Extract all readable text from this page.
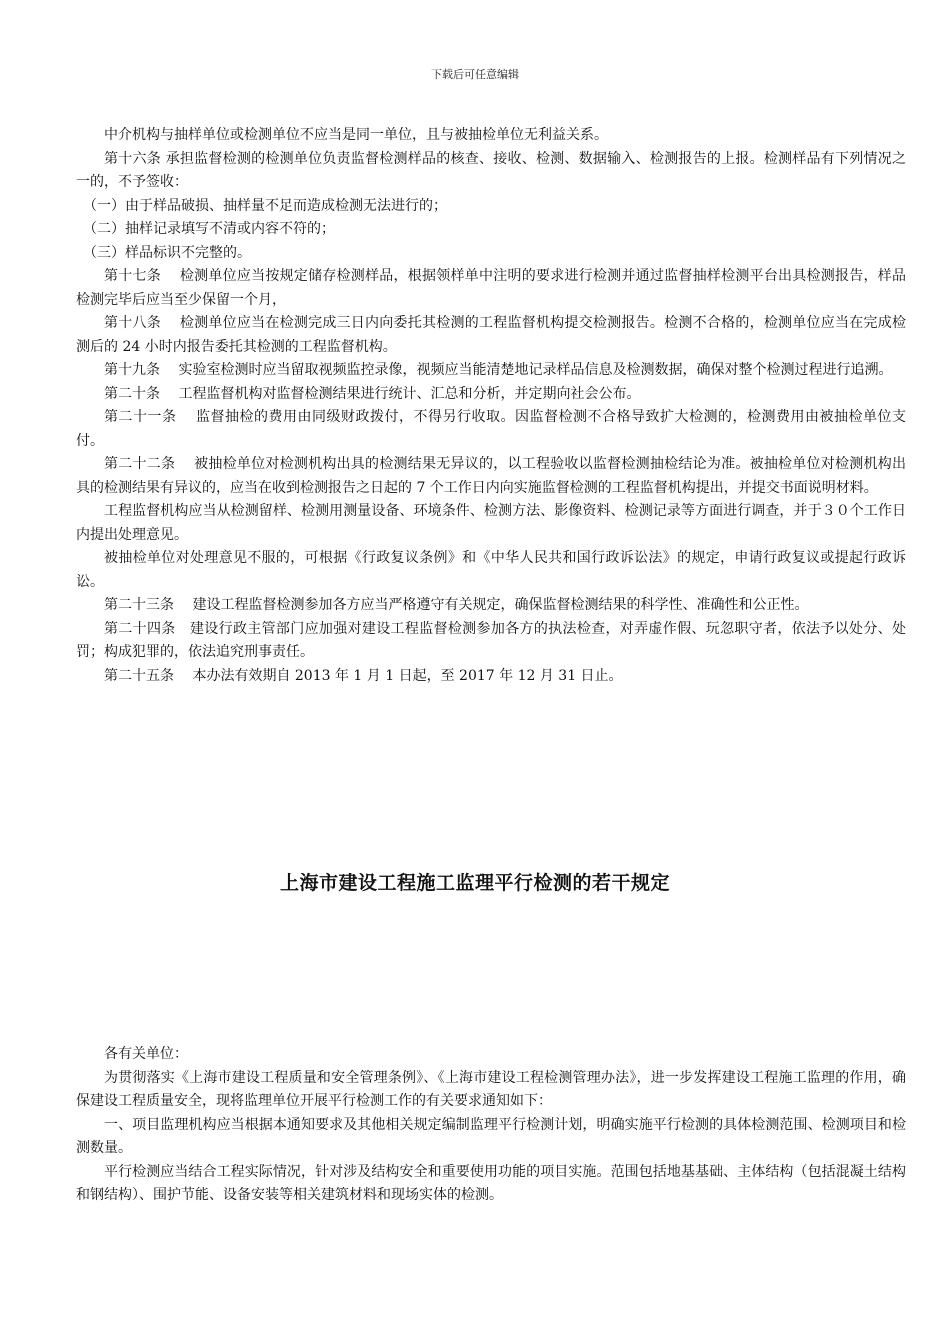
下载后可任意编辑

中介机构与抽样单位或检测单位不应当是同一单位，且与被抽检单位无利益关系。

第十六条 承担监督检测的检测单位负责监督检测样品的核查、接收、检测、数据输入、检测报告的上报。检测样品有下列情况之一的，不予签收：

（一）由于样品破损、抽样量不足而造成检测无法进行的；

（二）抽样记录填写不清或内容不符的；

（三）样品标识不完整的。

第十七条　 检测单位应当按规定储存检测样品，根据领样单中注明的要求进行检测并通过监督抽样检测平台出具检测报告，样品检测完毕后应当至少保留一个月，

第十八条　 检测单位应当在检测完成三日内向委托其检测的工程监督机构提交检测报告。检测不合格的，检测单位应当在完成检测后的 24 小时内报告委托其检测的工程监督机构。

第十九条　 实验室检测时应当留取视频监控录像，视频应当能清楚地记录样品信息及检测数据，确保对整个检测过程进行追溯。

第二十条　 工程监督机构对监督检测结果进行统计、汇总和分析，并定期向社会公布。

第二十一条　 监督抽检的费用由同级财政拨付，不得另行收取。因监督检测不合格导致扩大检测的，检测费用由被抽检单位支付。

第二十二条　 被抽检单位对检测机构出具的检测结果无异议的，以工程验收以监督检测抽检结论为准。被抽检单位对检测机构出具的检测结果有异议的，应当在收到检测报告之日起的 7 个工作日内向实施监督检测的工程监督机构提出，并提交书面说明材料。

工程监督机构应当从检测留样、检测用测量设备、环境条件、检测方法、影像资料、检测记录等方面进行调查，并于３０个工作日内提出处理意见。

被抽检单位对处理意见不服的，可根据《行政复议条例》和《中华人民共和国行政诉讼法》的规定，申请行政复议或提起行政诉讼。

第二十三条　 建设工程监督检测参加各方应当严格遵守有关规定，确保监督检测结果的科学性、准确性和公正性。

第二十四条　建设行政主管部门应加强对建设工程监督检测参加各方的执法检查，对弄虚作假、玩忽职守者，依法予以处分、处罚；构成犯罪的，依法追究刑事责任。

第二十五条　 本办法有效期自 2013 年 1 月 1 日起，至 2017 年 12 月 31 日止。

上海市建设工程施工监理平行检测的若干规定

各有关单位：

为贯彻落实《上海市建设工程质量和安全管理条例》、《上海市建设工程检测管理办法》，进一步发挥建设工程施工监理的作用，确保建设工程质量安全，现将监理单位开展平行检测工作的有关要求通知如下：

一、项目监理机构应当根据本通知要求及其他相关规定编制监理平行检测计划，明确实施平行检测的具体检测范围、检测项目和检测数量。

平行检测应当结合工程实际情况，针对涉及结构安全和重要使用功能的项目实施。范围包括地基基础、主体结构（包括混凝土结构和钢结构）、围护节能、设备安装等相关建筑材料和现场实体的检测。
